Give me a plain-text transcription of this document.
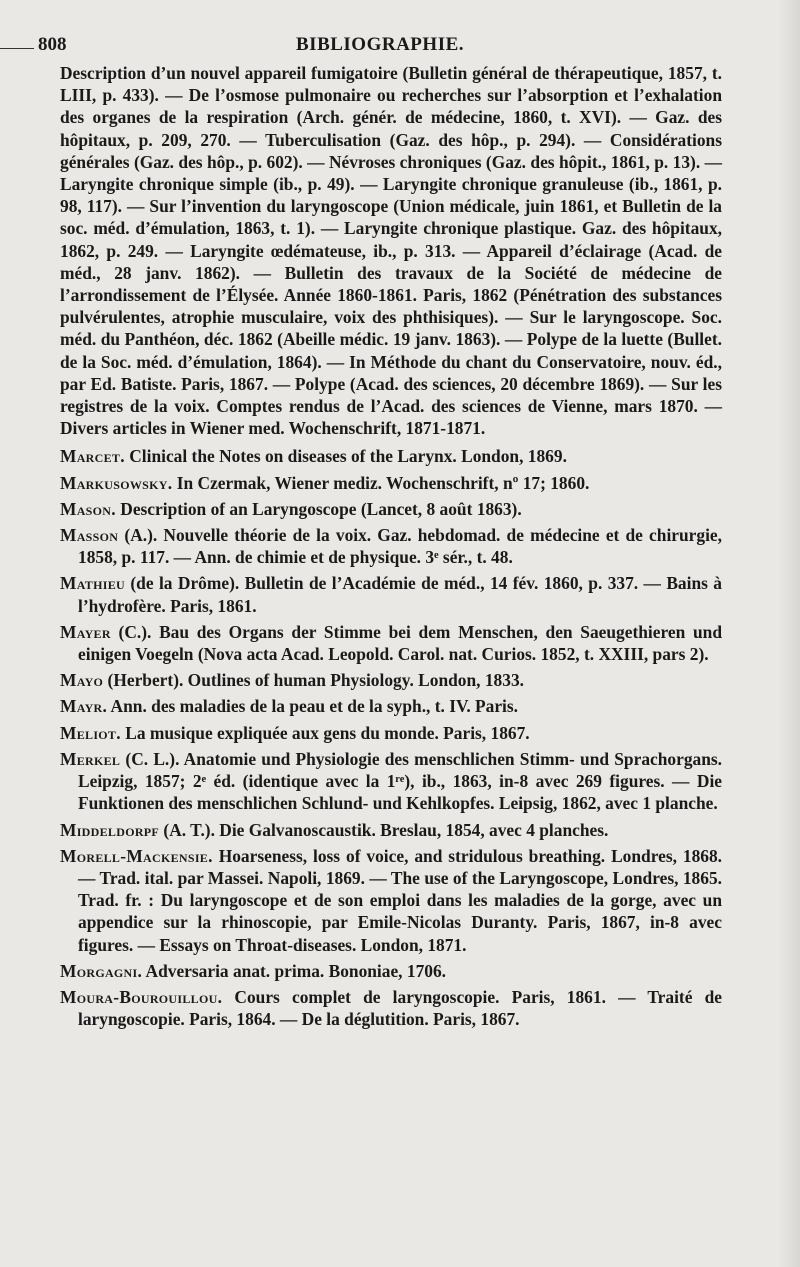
808	BIBLIOGRAPHIE.

Description d’un nouvel appareil fumigatoire (Bulletin général de thérapeutique, 1857, t. LIII, p. 433). — De l’osmose pulmonaire ou recherches sur l’absorption et l’exhalation des organes de la respiration (Arch. génér. de médecine, 1860, t. XVI). — Gaz. des hôpitaux, p. 209, 270. — Tuberculisation (Gaz. des hôp., p. 294). — Considérations générales (Gaz. des hôp., p. 602). — Névroses chroniques (Gaz. des hôpit., 1861, p. 13). — Laryngite chronique simple (ib., p. 49). — Laryngite chronique granuleuse (ib., 1861, p. 98, 117). — Sur l’invention du laryngoscope (Union médicale, juin 1861, et Bulletin de la soc. méd. d’émulation, 1863, t. 1). — Laryngite chronique plastique. Gaz. des hôpitaux, 1862, p. 249. — Laryngite œdémateuse, ib., p. 313. — Appareil d’éclairage (Acad. de méd., 28 janv. 1862). — Bulletin des travaux de la Société de médecine de l’arrondissement de l’Élysée. Année 1860-1861. Paris, 1862 (Pénétration des substances pulvérulentes, atrophie musculaire, voix des phthisiques). — Sur le laryngoscope. Soc. méd. du Panthéon, déc. 1862 (Abeille médic. 19 janv. 1863). — Polype de la luette (Bullet. de la Soc. méd. d’émulation, 1864). — In Méthode du chant du Conservatoire, nouv. éd., par Ed. Batiste. Paris, 1867. — Polype (Acad. des sciences, 20 décembre 1869). — Sur les registres de la voix. Comptes rendus de l’Acad. des sciences de Vienne, mars 1870. — Divers articles in Wiener med. Wochenschrift, 1871-1871.

Marcet. Clinical the Notes on diseases of the Larynx. London, 1869.

Markusowsky. In Czermak, Wiener mediz. Wochenschrift, nº 17; 1860.

Mason. Description of an Laryngoscope (Lancet, 8 août 1863).

Masson (A.). Nouvelle théorie de la voix. Gaz. hebdomad. de médecine et de chirurgie, 1858, p. 117. — Ann. de chimie et de physique. 3ᵉ sér., t. 48.

Mathieu (de la Drôme). Bulletin de l’Académie de méd., 14 fév. 1860, p. 337. — Bains à l’hydrofère. Paris, 1861.

Mayer (C.). Bau des Organs der Stimme bei dem Menschen, den Saeugethieren und einigen Voegeln (Nova acta Acad. Leopold. Carol. nat. Curios. 1852, t. XXIII, pars 2).

Mayo (Herbert). Outlines of human Physiology. London, 1833.

Mayr. Ann. des maladies de la peau et de la syph., t. IV. Paris.

Meliot. La musique expliquée aux gens du monde. Paris, 1867.

Merkel (C. L.). Anatomie und Physiologie des menschlichen Stimm- und Sprachorgans. Leipzig, 1857; 2ᵉ éd. (identique avec la 1ʳᵉ), ib., 1863, in-8 avec 269 figures. — Die Funktionen des menschlichen Schlund- und Kehlkopfes. Leipsig, 1862, avec 1 planche.

Middeldorpf (A. T.). Die Galvanoscaustik. Breslau, 1854, avec 4 planches.

Morell-Mackensie. Hoarseness, loss of voice, and stridulous breathing. Londres, 1868. — Trad. ital. par Massei. Napoli, 1869. — The use of the Laryngoscope, Londres, 1865. Trad. fr. : Du laryngoscope et de son emploi dans les maladies de la gorge, avec un appendice sur la rhinoscopie, par Emile-Nicolas Duranty. Paris, 1867, in-8 avec figures. — Essays on Throat-diseases. London, 1871.

Morgagni. Adversaria anat. prima. Bononiae, 1706.

Moura-Bourouillou. Cours complet de laryngoscopie. Paris, 1861. — Traité de laryngoscopie. Paris, 1864. — De la déglutition. Paris, 1867.
